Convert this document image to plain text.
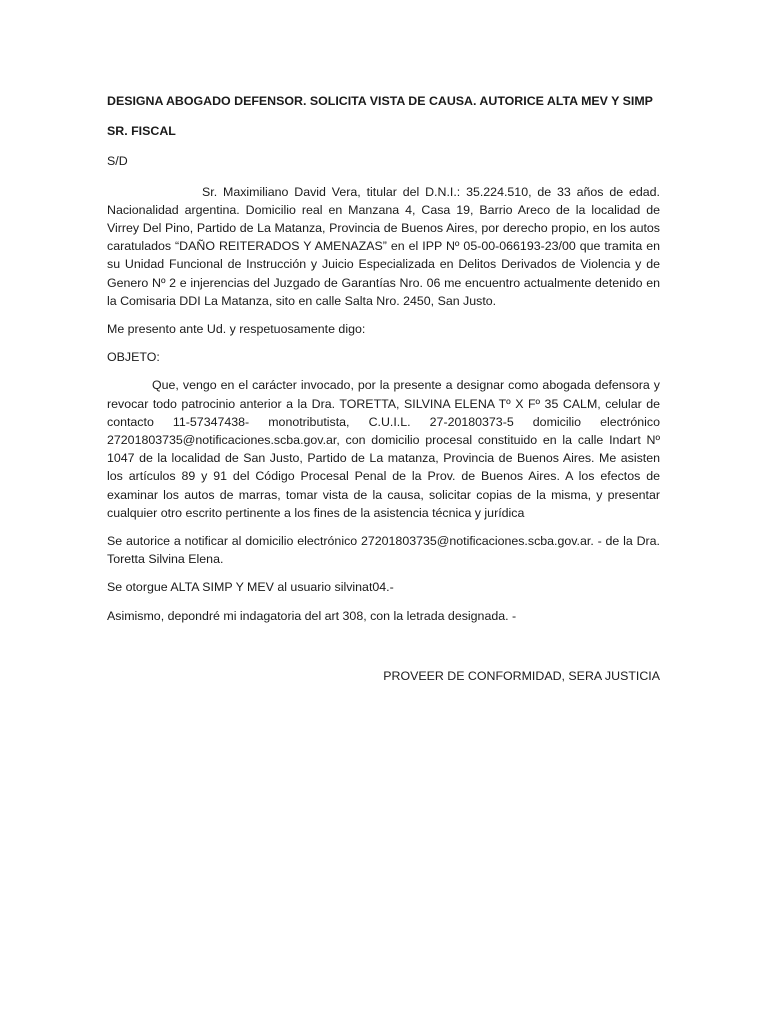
DESIGNA ABOGADO DEFENSOR. SOLICITA VISTA DE CAUSA. AUTORICE ALTA MEV Y SIMP

SR. FISCAL

S/D

Sr. Maximiliano David Vera, titular del D.N.I.: 35.224.510, de 33 años de edad. Nacionalidad argentina. Domicilio real en Manzana 4, Casa 19, Barrio Areco de la localidad de Virrey Del Pino, Partido de La Matanza, Provincia de Buenos Aires, por derecho propio, en los autos caratulados “DAÑO REITERADOS Y AMENAZAS” en el IPP Nº 05-00-066193-23/00 que tramita en su Unidad Funcional de Instrucción y Juicio Especializada en Delitos Derivados de Violencia y de Genero Nº 2 e injerencias del Juzgado de Garantías Nro. 06 me encuentro actualmente detenido en la Comisaria DDI La Matanza, sito en calle Salta Nro. 2450, San Justo.

Me presento ante Ud. y respetuosamente digo:

OBJETO:

Que, vengo en el carácter invocado, por la presente a designar como abogada defensora y revocar todo patrocinio anterior a la Dra. TORETTA, SILVINA ELENA Tº X Fº 35 CALM, celular de contacto 11-57347438- monotributista, C.U.I.L. 27-20180373-5 domicilio electrónico 27201803735@notificaciones.scba.gov.ar, con domicilio procesal constituido en la calle Indart Nº 1047 de la localidad de San Justo, Partido de La matanza, Provincia de Buenos Aires. Me asisten los artículos 89 y 91 del Código Procesal Penal de la Prov. de Buenos Aires. A los efectos de examinar los autos de marras, tomar vista de la causa, solicitar copias de la misma, y presentar cualquier otro escrito pertinente a los fines de la asistencia técnica y jurídica

Se autorice a notificar al domicilio electrónico 27201803735@notificaciones.scba.gov.ar. - de la Dra. Toretta Silvina Elena.

Se otorgue ALTA SIMP Y MEV al usuario silvinat04.-

Asimismo, depondré mi indagatoria del art 308, con la letrada designada. -

PROVEER DE CONFORMIDAD, SERA JUSTICIA
